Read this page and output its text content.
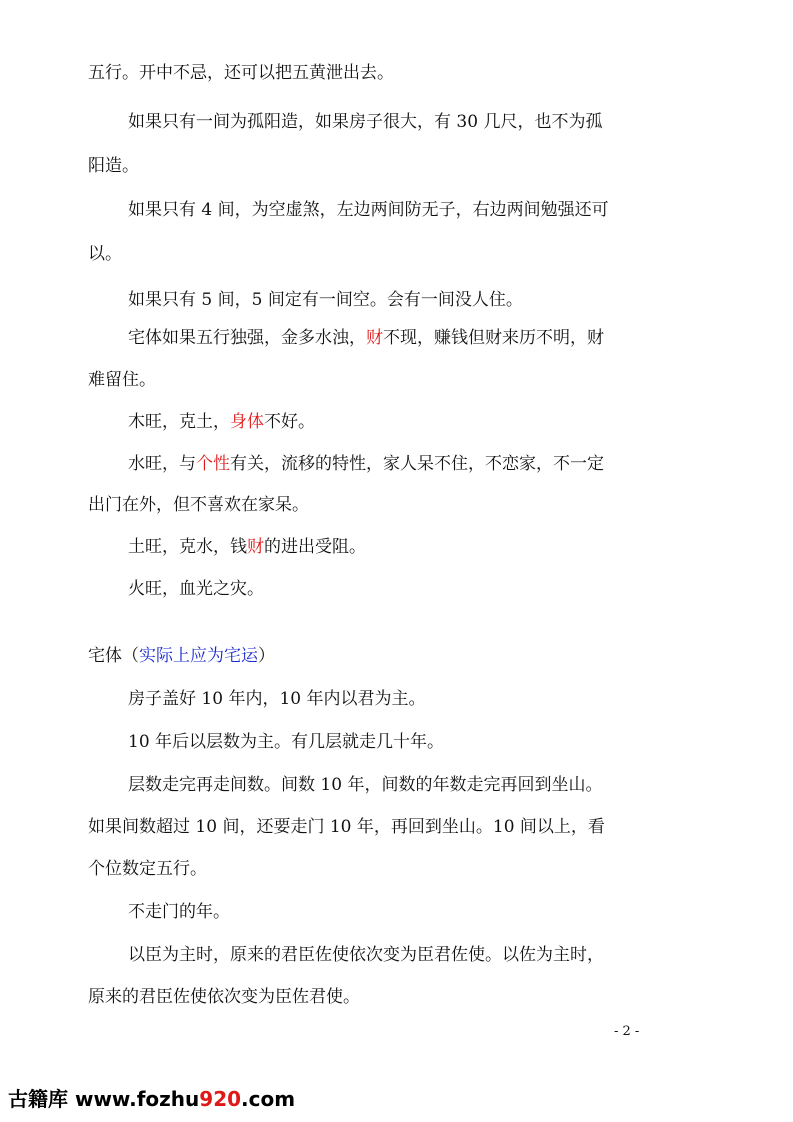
五行。开中不忌，还可以把五黄泄出去。
如果只有一间为孤阳造，如果房子很大，有 30 几尺，也不为孤
阳造。
如果只有 4 间，为空虚煞，左边两间防无子，右边两间勉强还可
以。
如果只有 5 间，5 间定有一间空。会有一间没人住。
宅体如果五行独强，金多水浊，财不现，赚钱但财来历不明，财
难留住。
木旺，克土，身体不好。
水旺，与个性有关，流移的特性，家人呆不住，不恋家，不一定
出门在外，但不喜欢在家呆。
土旺，克水，钱财的进出受阻。
火旺，血光之灾。
宅体（实际上应为宅运）
房子盖好 10 年内，10 年内以君为主。
10 年后以层数为主。有几层就走几十年。
层数走完再走间数。间数 10 年，间数的年数走完再回到坐山。
如果间数超过 10 间，还要走门 10 年，再回到坐山。10 间以上，看
个位数定五行。
不走门的年。
以臣为主时，原来的君臣佐使依次变为臣君佐使。以佐为主时，
原来的君臣佐使依次变为臣佐君使。
- 2 -
古籍库 www.fozhu920.com
